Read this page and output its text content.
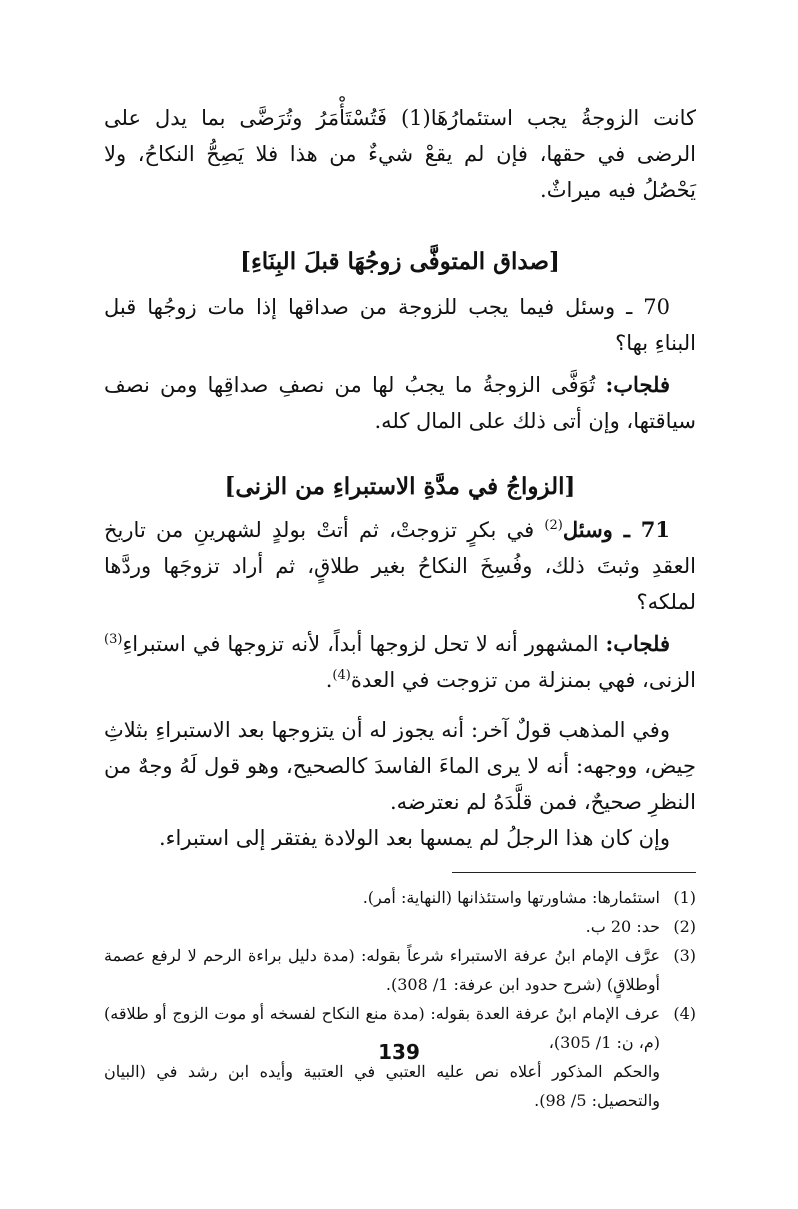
كانت الزوجةُ يجب استئمارُهَا(1) فَتُسْتَأْمَرُ وتُرَضَّى بما يدل على الرضى في حقها، فإن لم يقعْ شيءٌ من هذا فلا يَصِحُّ النكاحُ، ولا يَحْصُلُ فيه ميراثٌ.

[صداق المتوفَّى زوجُهَا قبلَ البِنَاءِ]

70 ـ وسئل فيما يجب للزوجة من صداقها إذا مات زوجُها قبل البناءِ بها؟

فلجاب: تُوَفَّى الزوجةُ ما يجبُ لها من نصفِ صداقِها ومن نصف سياقتها، وإن أتى ذلك على المال كله.

[الزواجُ في مدَّةِ الاستبراءِ من الزنى]

71 ـ وسئل$^{(2)}$ في بكرٍ تزوجتْ، ثم أتتْ بولدٍ لشهرينِ من تاريخ العقدِ وثبتَ ذلك، وفُسِخَ النكاحُ بغير طلاقٍ، ثم أراد تزوجَها وردَّها لملكه؟

فلجاب: المشهور أنه لا تحل لزوجها أبداً، لأنه تزوجها في استبراءِ$^{(3)}$ الزنى، فهي بمنزلة من تزوجت في العدة$^{(4)}$.

وفي المذهب قولٌ آخر: أنه يجوز له أن يتزوجها بعد الاستبراءِ بثلاثِ حِيض، ووجهه: أنه لا يرى الماءَ الفاسدَ كالصحيح، وهو قول لَهُ وجهٌ من النظرِ صحيحٌ، فمن قلَّدَهُ لم نعترضه.

وإن كان هذا الرجلُ لم يمسها بعد الولادة يفتقر إلى استبراء.

(1)
استئمارها: مشاورتها واستئذانها (النهاية: أمر).
(2)
حد: 20 ب.
(3)
عرَّف الإمام ابنُ عرفة الاستبراء شرعاً بقوله: (مدة دليل براءة الرحم لا لرفع عصمة أوطلاقٍ) (شرح حدود ابن عرفة: 1/ 308).
(4)
عرف الإمام ابنُ عرفة العدة بقوله: (مدة منع النكاح لفسخه أو موت الزوج أو طلاقه) (م، ن: 1/ 305)،
والحكم المذكور أعلاه نص عليه العتبي في العتبية وأيده ابن رشد في (البيان والتحصيل: 5/ 98).
139
